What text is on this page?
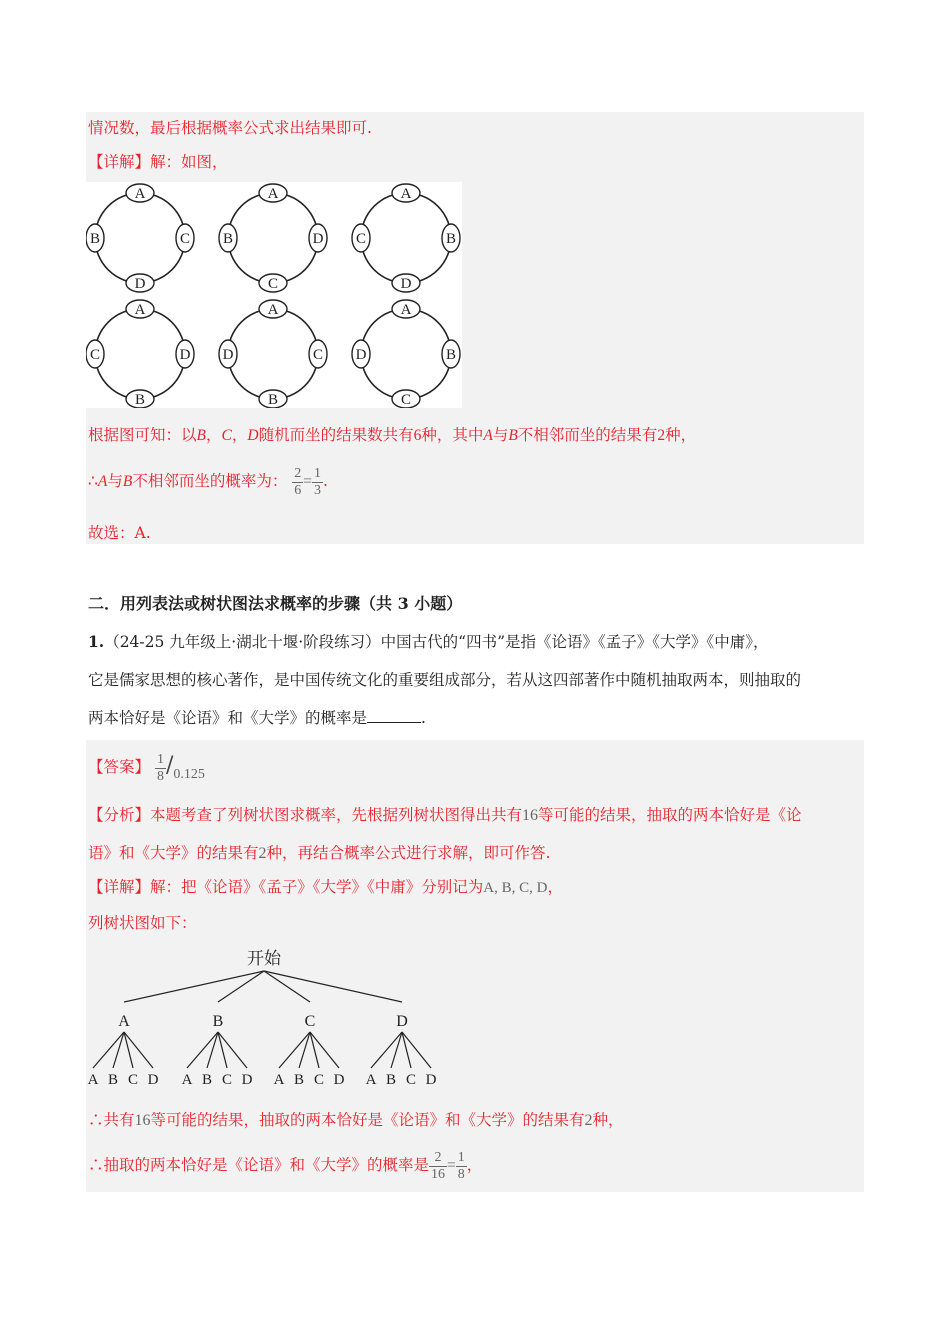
情况数，最后根据概率公式求出结果即可.
【详解】解：如图，
A
D
B	C
A
C
B	D
A
D
C	B
A
B
C	D
A
B
D	C
A
C
D	B
根据图可知：以B，C，D随机而坐的结果数共有6种，其中A与B不相邻而坐的结果有2种，
∴A与B不相邻而坐的概率为： $\frac{2}{6} = \frac{1}{3}$ .
故选：A.
二．用列表法或树状图法求概率的步骤（共 3 小题）
1.（24-25 九年级上·湖北十堰·阶段练习）中国古代的“四书”是指《论语》《孟子》《大学》《中庸》，
它是儒家思想的核心著作，是中国传统文化的重要组成部分，若从这四部著作中随机抽取两本，则抽取的
两本恰好是《论语》和《大学》的概率是	.
【答案】 $\frac{1}{8} /0.125$
【分析】本题考查了列树状图求概率，先根据列树状图得出共有16等可能的结果，抽取的两本恰好是《论
语》和《大学》的结果有2种，再结合概率公式进行求解，即可作答.
【详解】解：把《论语》《孟子》《大学》《中庸》分别记为A, B, C, D，
列树状图如下：
开始
A
A B C D
B
A B C D
C
A B C D
D
A B C D
∴共有16等可能的结果，抽取的两本恰好是《论语》和《大学》的结果有2种，
∴抽取的两本恰好是《论语》和《大学》的概率是 $\frac{2}{16} = \frac{1}{8}$ ，
